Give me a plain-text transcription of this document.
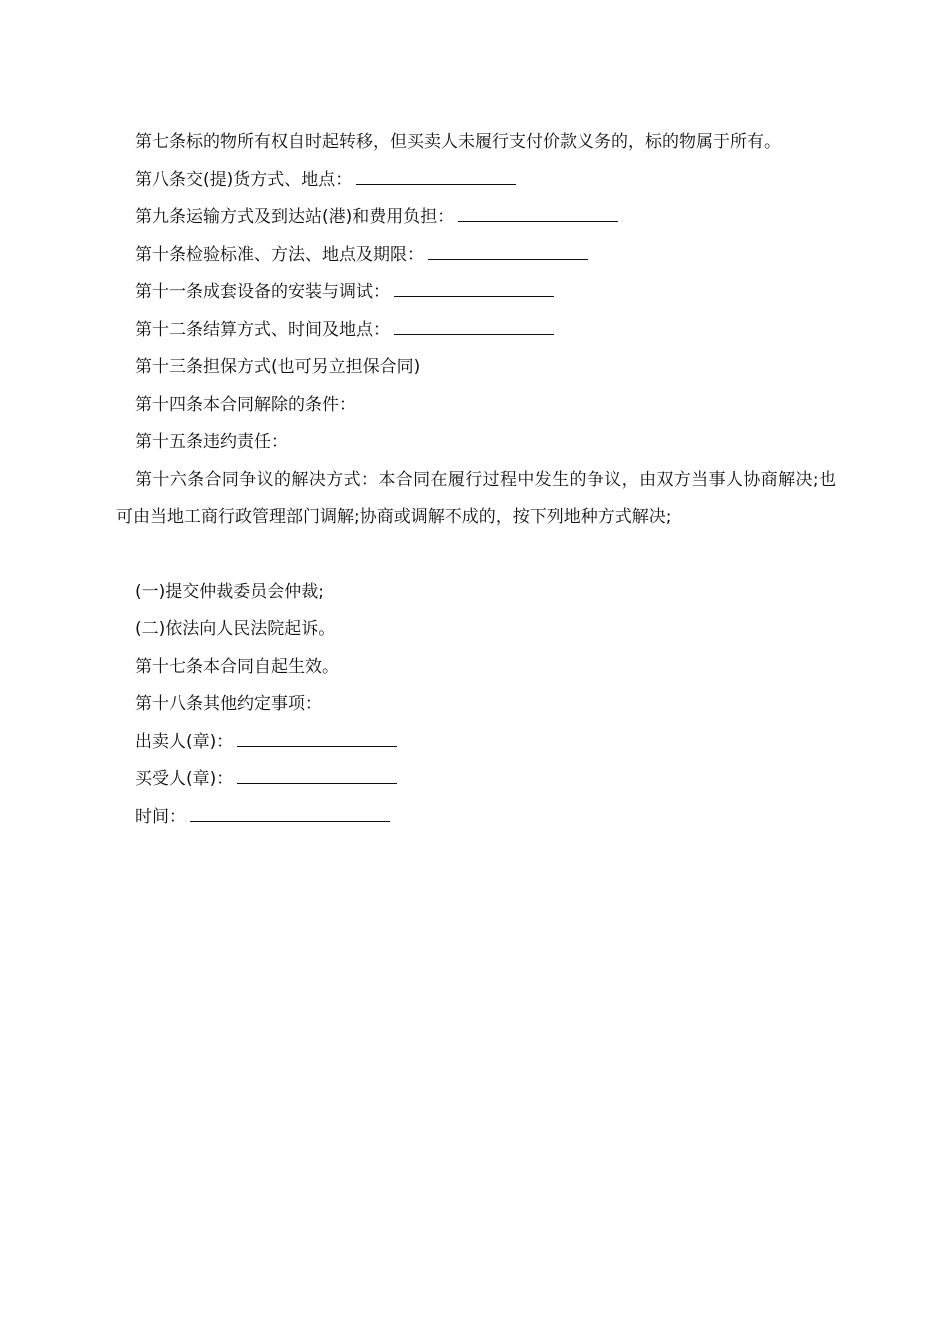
第七条标的物所有权自时起转移，但买卖人未履行支付价款义务的，标的物属于所有。

第八条交(提)货方式、地点：
第九条运输方式及到达站(港)和费用负担：
第十条检验标准、方法、地点及期限：
第十一条成套设备的安装与调试：
第十二条结算方式、时间及地点：
第十三条担保方式(也可另立担保合同)
第十四条本合同解除的条件：
第十五条违约责任：

第十六条合同争议的解决方式：本合同在履行过程中发生的争议，由双方当事人协商解决;也可由当地工商行政管理部门调解;协商或调解不成的，按下列地种方式解决;

(一)提交仲裁委员会仲裁;
(二)依法向人民法院起诉。
第十七条本合同自起生效。
第十八条其他约定事项：
出卖人(章)：
买受人(章)：
时间：
